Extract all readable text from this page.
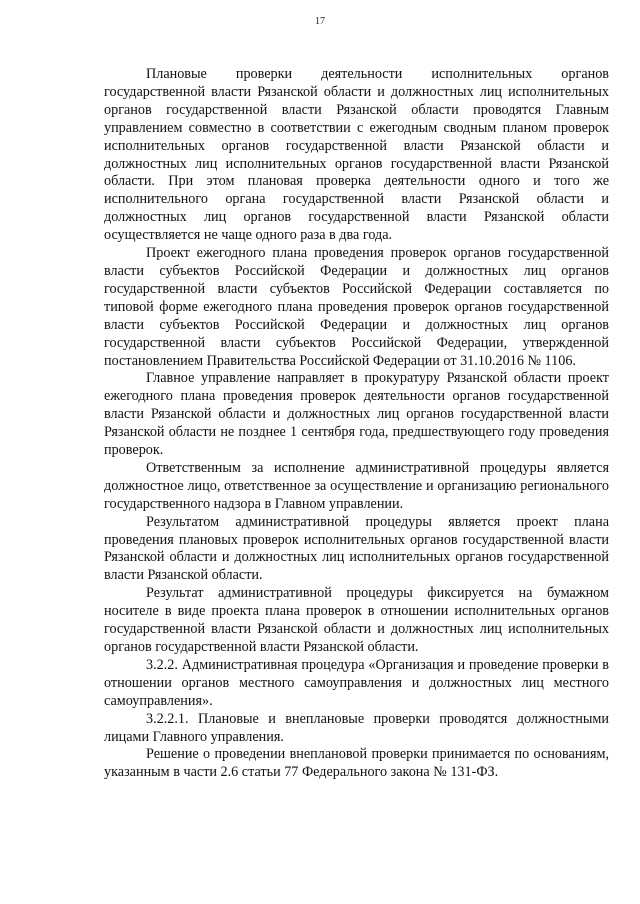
17

Плановые проверки деятельности исполнительных органов государственной власти Рязанской области и должностных лиц исполнительных органов государственной власти Рязанской области проводятся Главным управлением совместно в соответствии с ежегодным сводным планом проверок исполнительных органов государственной власти Рязанской области и должностных лиц исполнительных органов государственной власти Рязанской области. При этом плановая проверка деятельности одного и того же исполнительного органа государственной власти Рязанской области и должностных лиц органов государственной власти Рязанской области осуществляется не чаще одного раза в два года.

Проект ежегодного плана проведения проверок органов государственной власти субъектов Российской Федерации и должностных лиц органов государственной власти субъектов Российской Федерации составляется по типовой форме ежегодного плана проведения проверок органов государственной власти субъектов Российской Федерации и должностных лиц органов государственной власти субъектов Российской Федерации, утвержденной постановлением Правительства Российской Федерации от 31.10.2016 № 1106.

Главное управление направляет в прокуратуру Рязанской области проект ежегодного плана проведения проверок деятельности органов государственной власти Рязанской области и должностных лиц органов государственной власти Рязанской области не позднее 1 сентября года, предшествующего году проведения проверок.

Ответственным за исполнение административной процедуры является должностное лицо, ответственное за осуществление и организацию регионального государственного надзора в Главном управлении.

Результатом административной процедуры является проект плана проведения плановых проверок исполнительных органов государственной власти Рязанской области и должностных лиц исполнительных органов государственной власти Рязанской области.

Результат административной процедуры фиксируется на бумажном носителе в виде проекта плана проверок в отношении исполнительных органов государственной власти Рязанской области и должностных лиц исполнительных органов государственной власти Рязанской области.

3.2.2. Административная процедура «Организация и проведение проверки в отношении органов местного самоуправления и должностных лиц местного самоуправления».

3.2.2.1. Плановые и внеплановые проверки проводятся должностными лицами Главного управления.

Решение о проведении внеплановой проверки принимается по основаниям, указанным в части 2.6 статьи 77 Федерального закона № 131-ФЗ.
